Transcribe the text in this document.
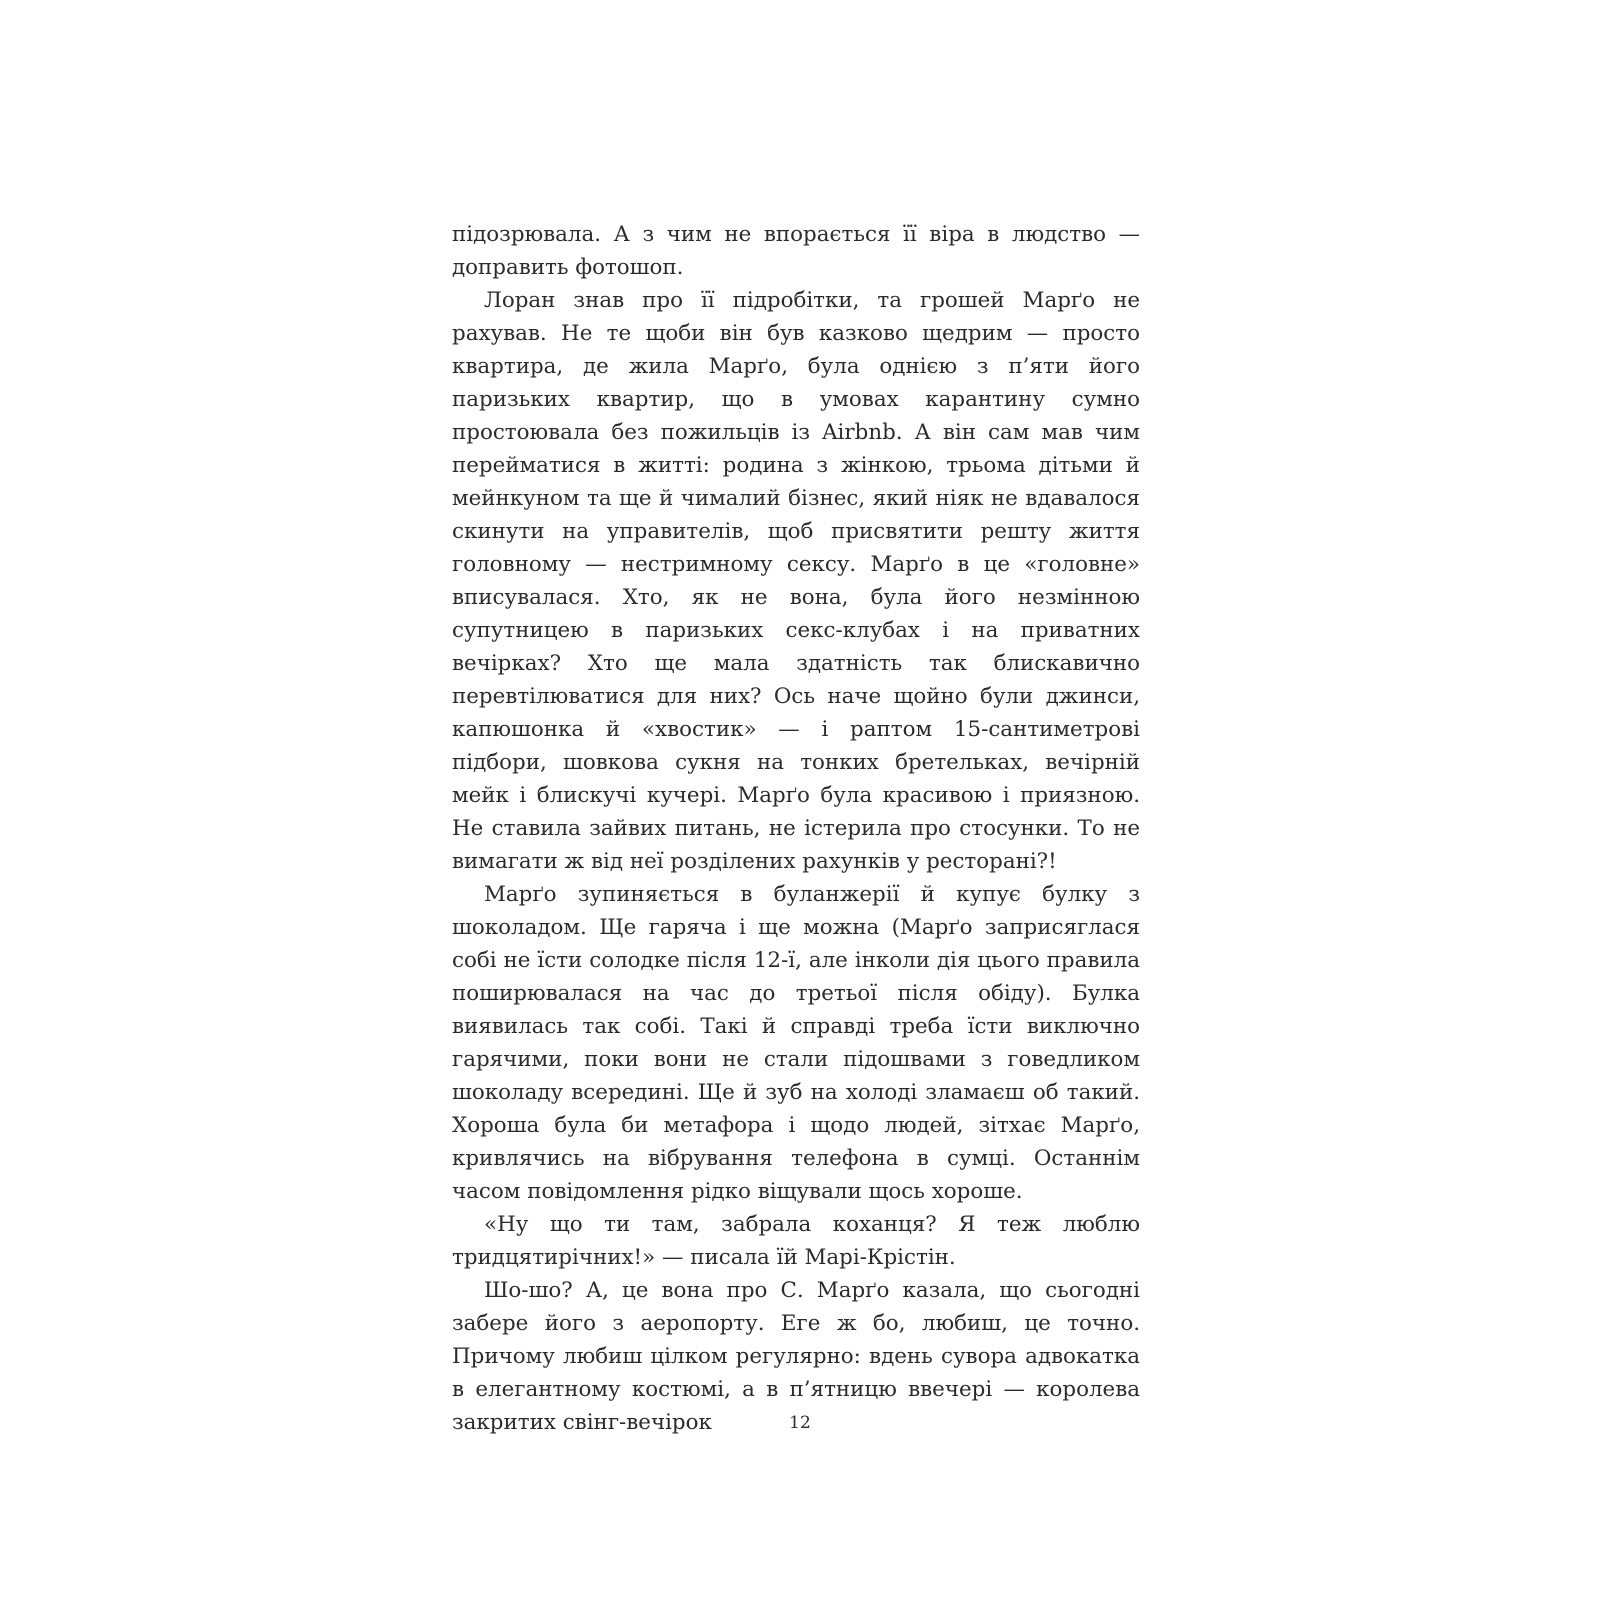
підозрювала. А з чим не впорається її віра в людство — доправить фотошоп.

Лоран знав про її підробітки, та грошей Марґо не рахував. Не те щоби він був казково щедрим — просто квартира, де жила Марґо, була однією з п’яти його паризьких квартир, що в умовах карантину сумно простоювала без пожильців із Airbnb. А він сам мав чим перейматися в житті: родина з жінкою, трьома дітьми й мейнкуном та ще й чималий бізнес, який ніяк не вдавалося скинути на управителів, щоб присвятити решту життя головному — нестримному сексу. Марґо в це «головне» вписувалася. Хто, як не вона, була його незмінною супутницею в паризьких секс-клубах і на приватних вечірках? Хто ще мала здатність так блискавично перевтілюватися для них? Ось наче щойно були джинси, капюшонка й «хвостик» — і раптом 15-сантиметрові підбори, шовкова сукня на тонких бретельках, вечірній мейк і блискучі кучері. Марґо була красивою і приязною. Не ставила зайвих питань, не істерила про стосунки. То не вимагати ж від неї розділених рахунків у ресторані?!

Марґо зупиняється в буланжерії й купує булку з шоколадом. Ще гаряча і ще можна (Марґо заприсяглася собі не їсти солодке після 12-ї, але інколи дія цього правила поширювалася на час до третьої після обіду). Булка виявилась так собі. Такі й справді треба їсти виключно гарячими, поки вони не стали підошвами з говедликом шоколаду всередині. Ще й зуб на холоді зламаєш об такий. Хороша була би метафора і щодо людей, зітхає Марґо, кривлячись на вібрування телефона в сумці. Останнім часом повідомлення рідко віщували щось хороше.

«Ну що ти там, забрала коханця? Я теж люблю тридцятирічних!» — писала їй Марі-Крістін.

Шо-шо? А, це вона про С. Марґо казала, що сьогодні забере його з аеропорту. Еге ж бо, любиш, це точно. Причому любиш цілком регулярно: вдень сувора адвокатка в елегантному костюмі, а в п’ятницю ввечері — королева закритих свінг-вечірок	12
